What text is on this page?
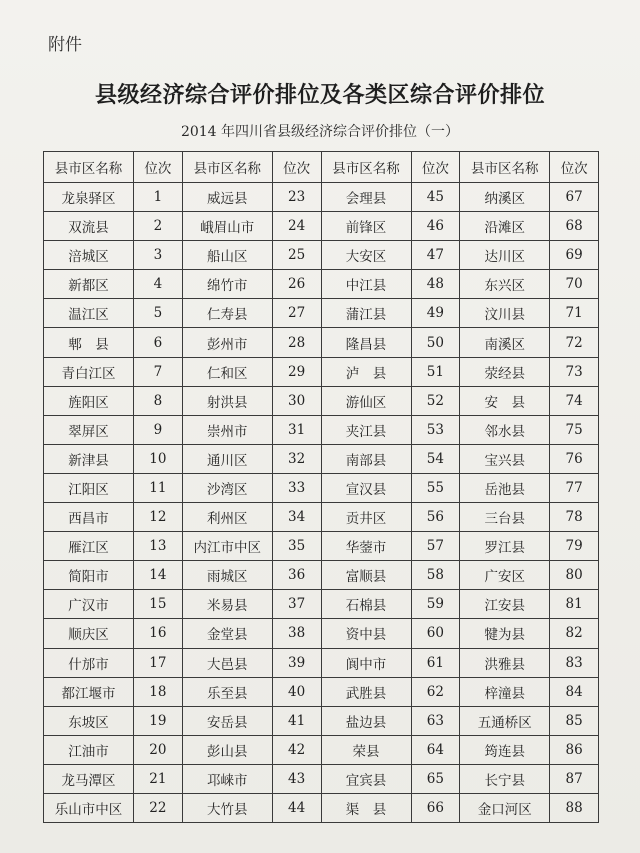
附件
县级经济综合评价排位及各类区综合评价排位
2014 年四川省县级经济综合评价排位（一）
县市区名称	位次	县市区名称	位次	县市区名称	位次	县市区名称	位次
龙泉驿区	1	威远县	23	会理县	45	纳溪区	67
双流县	2	峨眉山市	24	前锋区	46	沿滩区	68
涪城区	3	船山区	25	大安区	47	达川区	69
新都区	4	绵竹市	26	中江县	48	东兴区	70
温江区	5	仁寿县	27	蒲江县	49	汶川县	71
郫　县	6	彭州市	28	隆昌县	50	南溪区	72
青白江区	7	仁和区	29	泸　县	51	荥经县	73
旌阳区	8	射洪县	30	游仙区	52	安　县	74
翠屏区	9	崇州市	31	夹江县	53	邻水县	75
新津县	10	通川区	32	南部县	54	宝兴县	76
江阳区	11	沙湾区	33	宣汉县	55	岳池县	77
西昌市	12	利州区	34	贡井区	56	三台县	78
雁江区	13	内江市中区	35	华蓥市	57	罗江县	79
简阳市	14	雨城区	36	富顺县	58	广安区	80
广汉市	15	米易县	37	石棉县	59	江安县	81
顺庆区	16	金堂县	38	资中县	60	犍为县	82
什邡市	17	大邑县	39	阆中市	61	洪雅县	83
都江堰市	18	乐至县	40	武胜县	62	梓潼县	84
东坡区	19	安岳县	41	盐边县	63	五通桥区	85
江油市	20	彭山县	42	荣县	64	筠连县	86
龙马潭区	21	邛崃市	43	宜宾县	65	长宁县	87
乐山市中区	22	大竹县	44	渠　县	66	金口河区	88
